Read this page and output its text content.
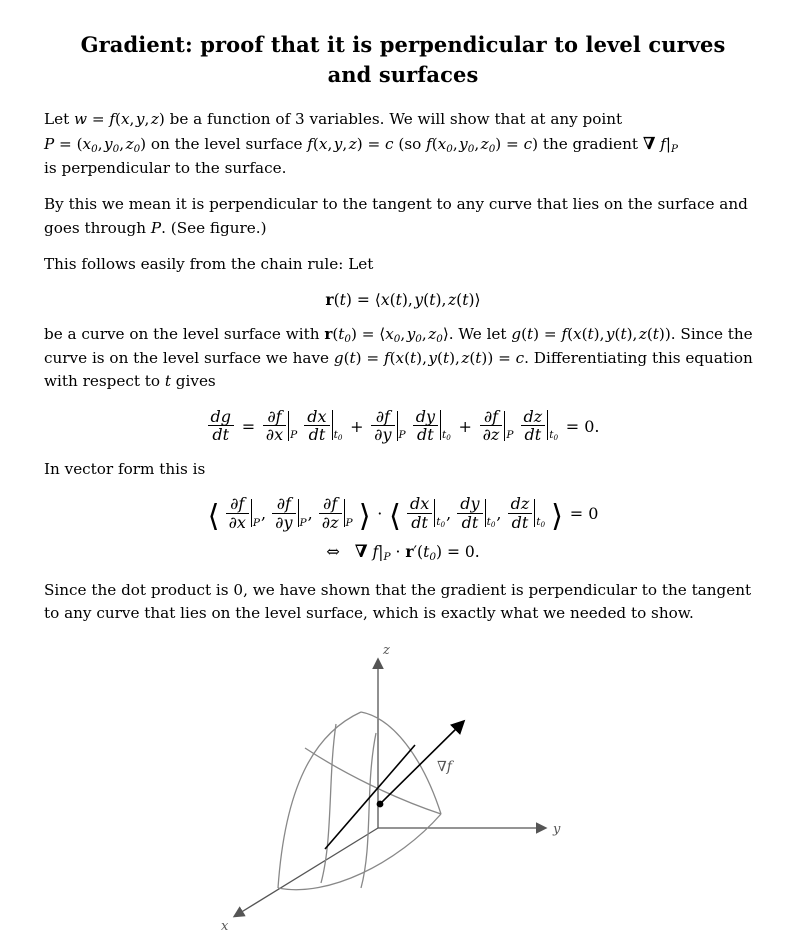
Gradient: proof that it is perpendicular to level curves and surfaces
Let w = f(x, y, z) be a function of 3 variables. We will show that at any point
$P = (x_0$, $y_0$, $z_0$) on the level surface f(x, y, z) = c (so $f(x_0$, $y_0$, $z_0) = c$) the gradient ∇ $f|_P$
is perpendicular to the surface.
By this we mean it is perpendicular to the tangent to any curve that lies on the surface and goes through P. (See figure.)
This follows easily from the chain rule: Let
r(t) = ⟨x(t), y(t), z(t)⟩
be a curve on the level surface with $r(t_0)$ = $⟨x_0$, $y_0$, $z_0⟩$. We let g(t) = f(x(t), y(t), z(t)). Since the curve is on the level surface we have g(t) = f(x(t), y(t), z(t)) = c. Differentiating this equation with respect to t gives
$\frac{dg}{dt}$  =  $\frac{\partial f}{\partial x} _P \frac{dx}{dt} _{t_0}$  +  $\frac{\partial f}{\partial y} _P \frac{dy}{dt} _{t_0}$  +  $\frac{\partial f}{\partial z} _P \frac{dz}{dt} _{t_0}$  = 0.
In vector form this is
⟨ $\frac{\partial f}{\partial x} _P$, $\frac{\partial f}{\partial y} _P$, $\frac{\partial f}{\partial z} _P$ ⟩  ·  ⟨ $\frac{dx}{dt} _{t_0}$, $\frac{dy}{dt} _{t_0}$, $\frac{dz}{dt} _{t_0}$ ⟩  = 0
⇔ ∇ $f|_P \cdot r'(t_0) = 0$.
Since the dot product is 0, we have shown that the gradient is perpendicular to the tangent to any curve that lies on the level surface, which is exactly what we needed to show.
z
y
x
∇f
